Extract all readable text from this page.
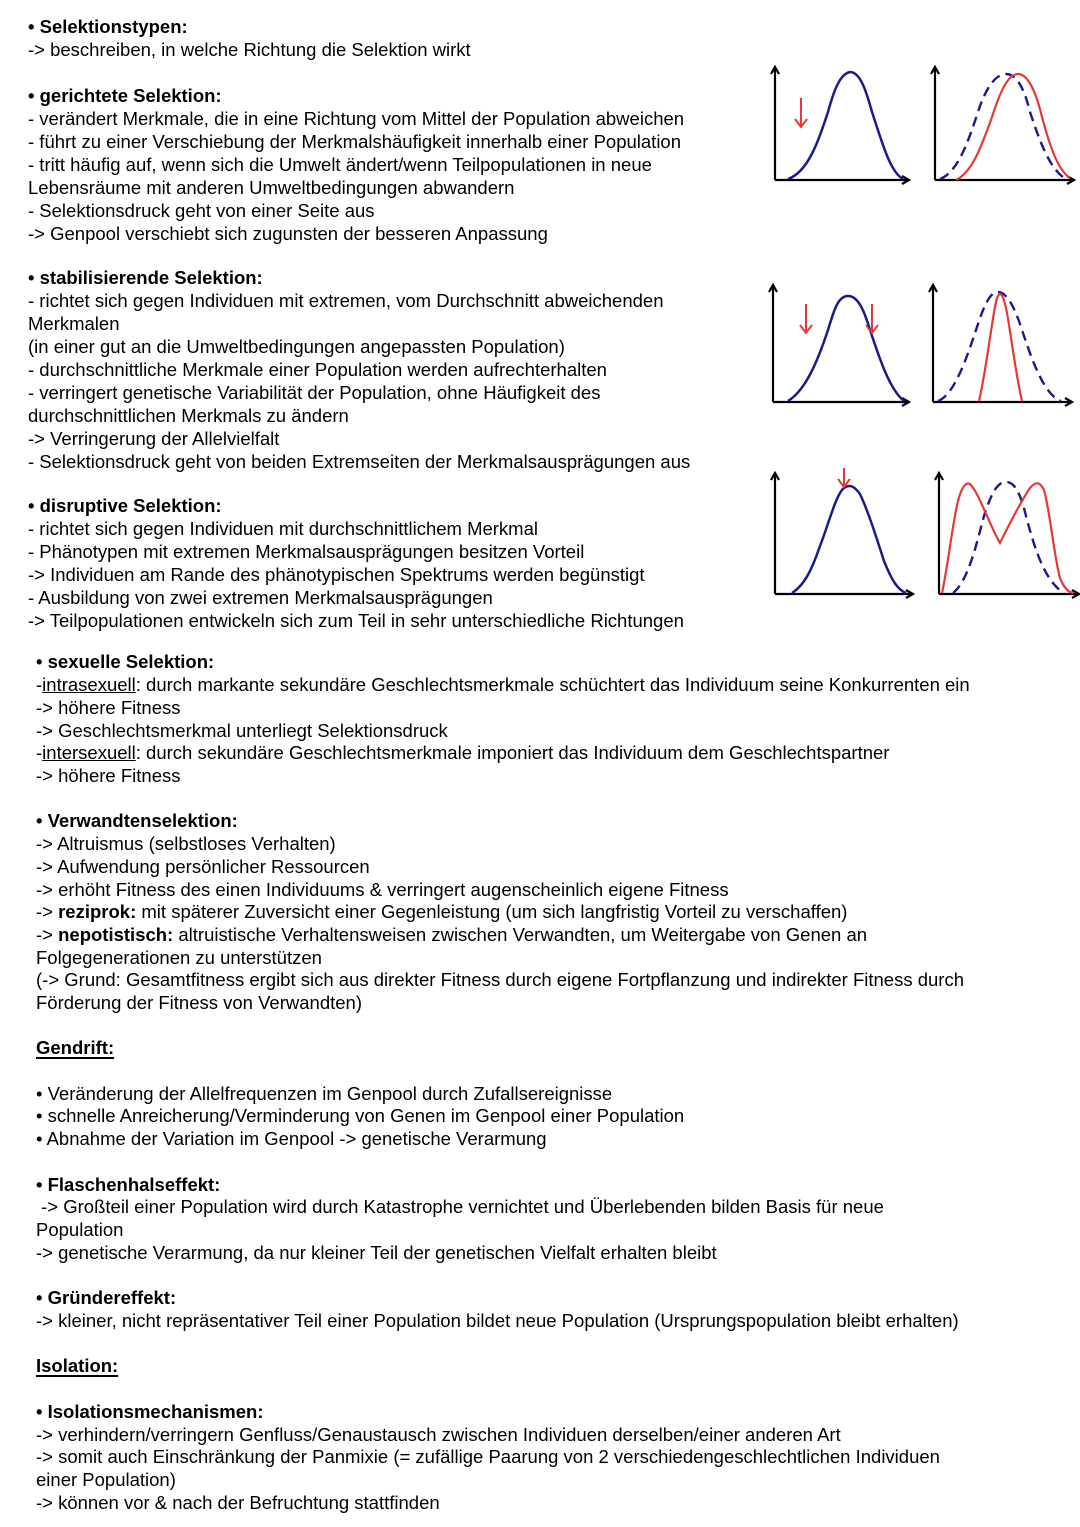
• Selektionstypen:
-> beschreiben, in welche Richtung die Selektion wirkt
• gerichtete Selektion:
- verändert Merkmale, die in eine Richtung vom Mittel der Population abweichen
- führt zu einer Verschiebung der Merkmalshäufigkeit innerhalb einer Population
- tritt häufig auf, wenn sich die Umwelt ändert/wenn Teilpopulationen in neue
Lebensräume mit anderen Umweltbedingungen abwandern
- Selektionsdruck geht von einer Seite aus
-> Genpool verschiebt sich zugunsten der besseren Anpassung
• stabilisierende Selektion:
- richtet sich gegen Individuen mit extremen, vom Durchschnitt abweichenden
Merkmalen
(in einer gut an die Umweltbedingungen angepassten Population)
- durchschnittliche Merkmale einer Population werden aufrechterhalten
- verringert genetische Variabilität der Population, ohne Häufigkeit des
durchschnittlichen Merkmals zu ändern
-> Verringerung der Allelvielfalt
- Selektionsdruck geht von beiden Extremseiten der Merkmalsausprägungen aus
• disruptive Selektion:
- richtet sich gegen Individuen mit durchschnittlichem Merkmal
- Phänotypen mit extremen Merkmalsausprägungen besitzen Vorteil
-> Individuen am Rande des phänotypischen Spektrums werden begünstigt
- Ausbildung von zwei extremen Merkmalsausprägungen
-> Teilpopulationen entwickeln sich zum Teil in sehr unterschiedliche Richtungen
• sexuelle Selektion:
-intrasexuell: durch markante sekundäre Geschlechtsmerkmale schüchtert das Individuum seine Konkurrenten ein
-> höhere Fitness
-> Geschlechtsmerkmal unterliegt Selektionsdruck
-intersexuell: durch sekundäre Geschlechtsmerkmale imponiert das Individuum dem Geschlechtspartner
-> höhere Fitness
• Verwandtenselektion:
-> Altruismus (selbstloses Verhalten)
-> Aufwendung persönlicher Ressourcen
-> erhöht Fitness des einen Individuums & verringert augenscheinlich eigene Fitness
-> reziprok: mit späterer Zuversicht einer Gegenleistung (um sich langfristig Vorteil zu verschaffen)
-> nepotistisch: altruistische Verhaltensweisen zwischen Verwandten, um Weitergabe von Genen an
Folgegenerationen zu unterstützen
(-> Grund: Gesamtfitness ergibt sich aus direkter Fitness durch eigene Fortpflanzung und indirekter Fitness durch
Förderung der Fitness von Verwandten)
Gendrift:
• Veränderung der Allelfrequenzen im Genpool durch Zufallsereignisse
• schnelle Anreicherung/Verminderung von Genen im Genpool einer Population
• Abnahme der Variation im Genpool -> genetische Verarmung
• Flaschenhalseffekt:
-> Großteil einer Population wird durch Katastrophe vernichtet und Überlebenden bilden Basis für neue
Population
-> genetische Verarmung, da nur kleiner Teil der genetischen Vielfalt erhalten bleibt
• Gründereffekt:
-> kleiner, nicht repräsentativer Teil einer Population bildet neue Population (Ursprungspopulation bleibt erhalten)
Isolation:
• Isolationsmechanismen:
-> verhindern/verringern Genfluss/Genaustausch zwischen Individuen derselben/einer anderen Art
-> somit auch Einschränkung der Panmixie (= zufällige Paarung von 2 verschiedengeschlechtlichen Individuen
einer Population)
-> können vor & nach der Befruchtung stattfinden
